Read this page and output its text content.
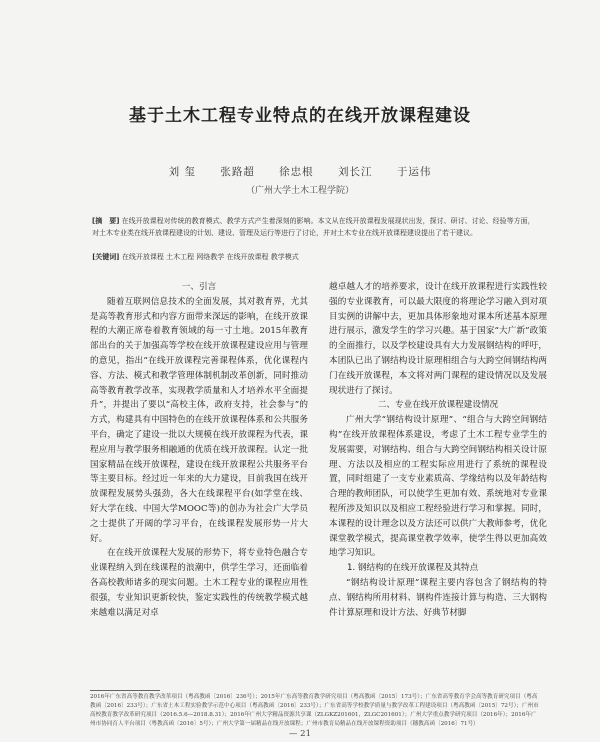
基于土木工程专业特点的在线开放课程建设
刘 玺 张路超 徐忠根 刘长江 于运伟
（广州大学土木工程学院）
[摘　要] 在线开放课程对传统的教育模式、教学方式产生着深刻的影响。本文从在线开放课程发展现状出发，探讨、研讨、讨论、经验等方面，对土木专业类在线开放课程建设的计划、建设、管理及运行等进行了讨论，并对土木专业在线开放课程建设提出了若干建议。
[关键词] 在线开放课程 土木工程 网络教学 在线开放课程 教学模式
一、引言

随着互联网信息技术的全面发展，其对教育界，尤其是高等教育形式和内容方面带来深远的影响，在线开放课程的大潮正席卷着教育领域的每一寸土地。2015年教育部出台的关于加强高等学校在线开放课程建设应用与管理的意见，指出“在线开放课程完善课程体系，优化课程内容、方法、模式和教学管理体制机制改革创新，同时推动高等教育教学改革，实现教学质量和人才培养水平全面提升”，并提出了要以“高校主体，政府支持，社会参与”的方式，构建具有中国特色的在线开放课程体系和公共服务平台，确定了建设一批以大规模在线开放课程为代表，课程应用与教学服务相融通的优质在线开放课程。认定一批国家精品在线开放课程，建设在线开放课程公共服务平台等主要目标。经过近一年来的大力建设，目前我国在线开放课程发展势头强劲，各大在线课程平台(如学堂在线、好大学在线、中国大学MOOC等)的创办为社会广大学员之士提供了开阔的学习平台，在线课程发展形势一片大好。

在在线开放课程大发展的形势下，将专业特色融合专业课程纳入到在线课程的浪潮中，供学生学习，还面临着各高校教师诸多的现实问题。土木工程专业的课程应用性很强，专业知识更新较快，鉴定实践性的传统教学模式越来越难以满足对卓

越卓越人才的培养要求，设计在线开放课程进行实践性较强的专业课教育，可以最大限度的将理论学习融入到对项目实例的讲解中去，更加具体形象地对课本所述基本原理进行展示，激发学生的学习兴趣。基于国家“大广新”政策的全面推行，以及学校建设具有大力发展钢结构的呼吁，本团队已出了钢结构设计原理相组合与大跨空间钢结构两门在线开放课程，本文将对两门课程的建设情况以及发展现状进行了探讨。

二、专业在线开放课程建设情况

广州大学“钢结构设计原理”、“组合与大跨空间钢结构”在线开放课程体系建设，考虑了土木工程专业学生的发展需要，对钢结构、组合与大跨空间钢结构相关设计原理、方法以及相应的工程实际应用进行了系统的课程设置，同时组建了一支专业素质高、学缘结构以及年龄结构合理的教师团队，可以使学生更加有效、系统地对专业课程所涉及知识以及相应工程经验进行学习和掌握。同时，本课程的设计理念以及方法还可以供广大教师参考，优化课堂教学模式，提高课堂教学效率，使学生得以更加高效地学习知识。

1. 钢结构的在线开放课程及其特点

“钢结构设计原理”课程主要内容包含了钢结构的特点、钢结构所用材料、钢构件连接计算与构造、三大钢构件计算原理和设计方法、好典节材脚

2016年广东省高等教育教学改革项目（粤高教函〔2016〕236号）；2015年广东高等教育教学研究项目（粤高教函〔2015〕173号）；广东省高等教育学会高等教育研究项目（粤高教函〔2016〕233号）；广东省土木工程实验教学示范中心项目（粤高教函〔2016〕233号）；广东省高等学校教学质量与教学改革工程建设项目（粤高教函〔2015〕72号）；广州市高校教育教学改革研究项目（2016.5.6—2018.8.31）；2016年广州大学精品资源共享课（ZLGKZ201601，ZLGC201601）；广州大学重点教学研究项目（2016年）；2016年广州市协同育人平台项目（粤教高函〔2016〕5号）；广州大学第一届精品在线开放课程；广州市教育局精品在线开放课程资助项目（穗教高函〔2016〕71号）
— 21
